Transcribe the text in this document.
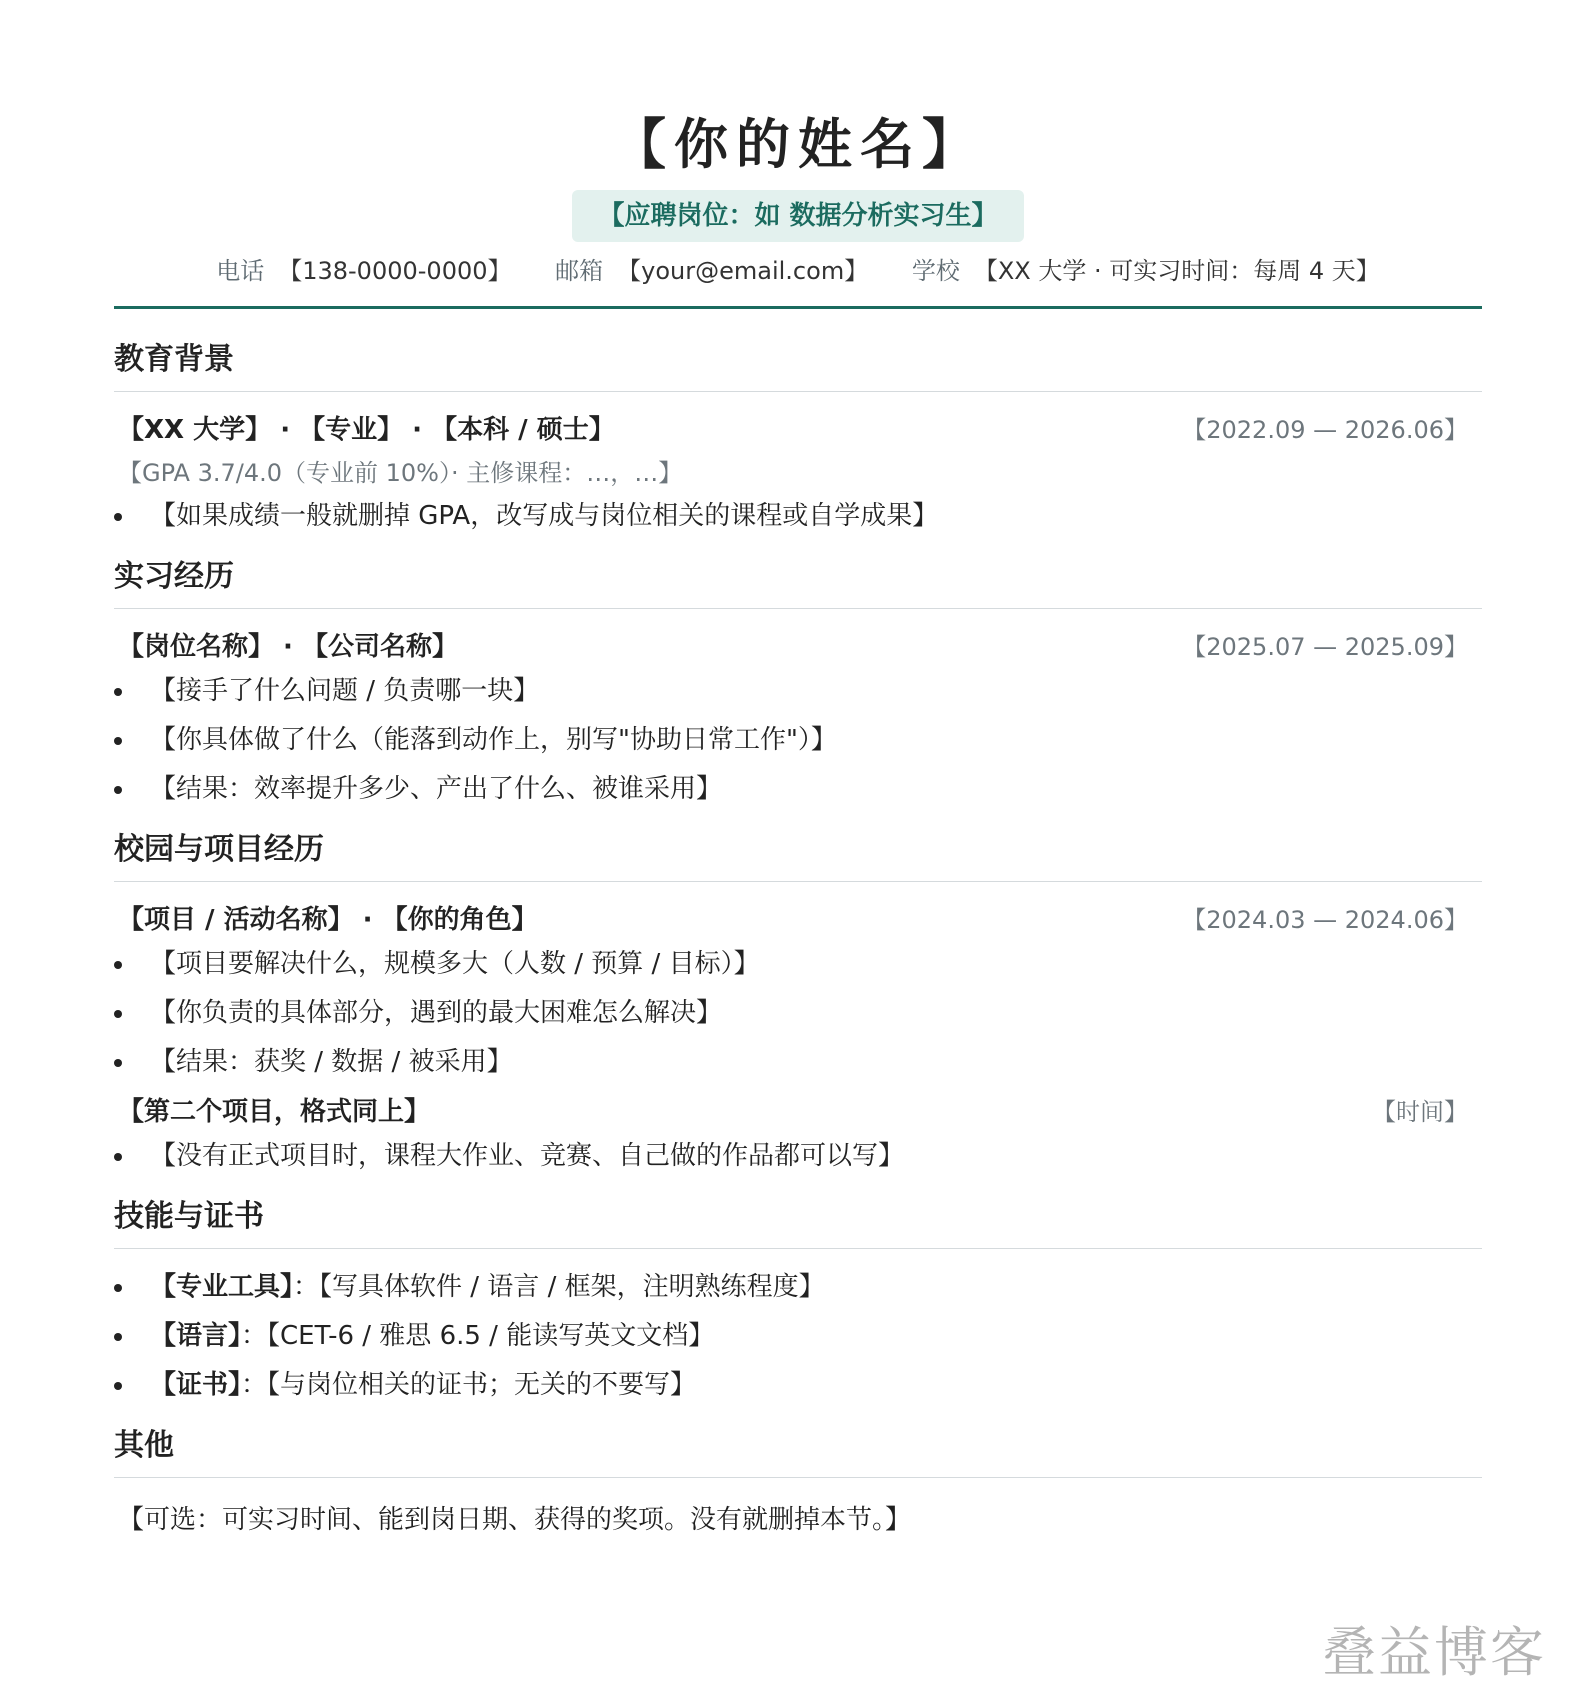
【你的姓名】
【应聘岗位：如 数据分析实习生】
电话 【138-0000-0000】 邮箱 【your@email.com】 学校 【XX 大学 · 可实习时间：每周 4 天】
教育背景
【XX 大学】 · 【专业】 · 【本科 / 硕士】	【2022.09 — 2026.06】
【GPA 3.7/4.0（专业前 10%）· 主修课程：…，…】
【如果成绩一般就删掉 GPA，改写成与岗位相关的课程或自学成果】
实习经历
【岗位名称】 · 【公司名称】	【2025.07 — 2025.09】
【接手了什么问题 / 负责哪一块】
【你具体做了什么（能落到动作上，别写"协助日常工作"）】
【结果：效率提升多少、产出了什么、被谁采用】
校园与项目经历
【项目 / 活动名称】 · 【你的角色】	【2024.03 — 2024.06】
【项目要解决什么，规模多大（人数 / 预算 / 目标）】
【你负责的具体部分，遇到的最大困难怎么解决】
【结果：获奖 / 数据 / 被采用】
【第二个项目，格式同上】	【时间】
【没有正式项目时，课程大作业、竞赛、自己做的作品都可以写】
技能与证书
【专业工具】：【写具体软件 / 语言 / 框架，注明熟练程度】
【语言】：【CET-6 / 雅思 6.5 / 能读写英文文档】
【证书】：【与岗位相关的证书；无关的不要写】
其他
【可选：可实习时间、能到岗日期、获得的奖项。没有就删掉本节。】
叠益博客
